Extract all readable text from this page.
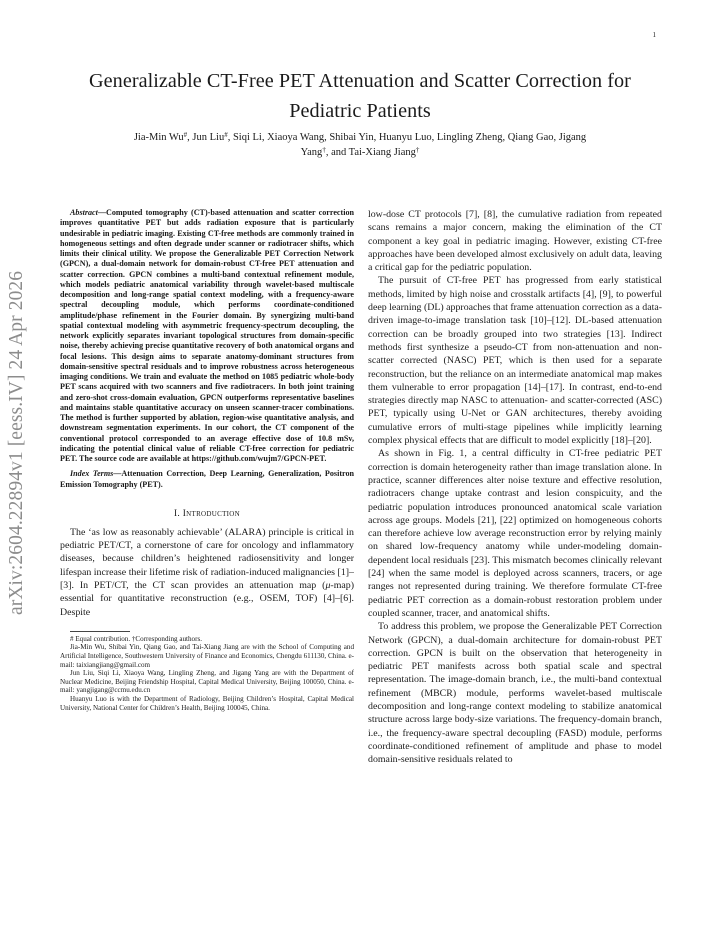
1
arXiv:2604.22894v1 [eess.IV] 24 Apr 2026
Generalizable CT-Free PET Attenuation and Scatter Correction for Pediatric Patients
Jia-Min Wu#, Jun Liu#, Siqi Li, Xiaoya Wang, Shibai Yin, Huanyu Luo, Lingling Zheng, Qiang Gao, Jigang
Yang†, and Tai-Xiang Jiang†

Abstract—Computed tomography (CT)-based attenuation and scatter correction improves quantitative PET but adds radiation exposure that is particularly undesirable in pediatric imaging. Existing CT-free methods are commonly trained in homogeneous settings and often degrade under scanner or radiotracer shifts, which limits their clinical utility. We propose the Generalizable PET Correction Network (GPCN), a dual-domain network for domain-robust CT-free PET attenuation and scatter correction. GPCN combines a multi-band contextual refinement module, which models pediatric anatomical variability through wavelet-based multiscale decomposition and long-range spatial context modeling, with a frequency-aware spectral decoupling module, which performs coordinate-conditioned amplitude/phase refinement in the Fourier domain. By synergizing multi-band spatial contextual modeling with asymmetric frequency-spectrum decoupling, the network explicitly separates invariant topological structures from domain-specific noise, thereby achieving precise quantitative recovery of both anatomical organs and focal lesions. This design aims to separate anatomy-dominant structures from domain-sensitive spectral residuals and to improve robustness across heterogeneous imaging conditions. We train and evaluate the method on 1085 pediatric whole-body PET scans acquired with two scanners and five radiotracers. In both joint training and zero-shot cross-domain evaluation, GPCN outperforms representative baselines and maintains stable quantitative accuracy on unseen scanner-tracer combinations. The method is further supported by ablation, region-wise quantitative analysis, and downstream segmentation experiments. In our cohort, the CT component of the conventional protocol corresponded to an average effective dose of 10.8 mSv, indicating the potential clinical value of reliable CT-free correction for pediatric PET. The source code are available at https://github.com/wujm7/GPCN-PET.

Index Terms—Attenuation Correction, Deep Learning, Generalization, Positron Emission Tomography (PET).

I. Introduction

The ‘as low as reasonably achievable’ (ALARA) principle is critical in pediatric PET/CT, a cornerstone of care for oncology and inflammatory diseases, because children’s heightened radiosensitivity and longer lifespan increase their lifetime risk of radiation-induced malignancies [1]–[3]. In PET/CT, the CT scan provides an attenuation map (μ-map) essential for quantitative reconstruction (e.g., OSEM, TOF) [4]–[6]. Despite

# Equal contribution. †Corresponding authors.

Jia-Min Wu, Shibai Yin, Qiang Gao, and Tai-Xiang Jiang are with the School of Computing and Artificial Intelligence, Southwestern University of Finance and Economics, Chengdu 611130, China. e-mail: taixiangjiang@gmail.com

Jun Liu, Siqi Li, Xiaoya Wang, Lingling Zheng, and Jigang Yang are with the Department of Nuclear Medicine, Beijing Friendship Hospital, Capital Medical University, Beijing 100050, China. e-mail: yangjigang@ccmu.edu.cn

Huanyu Luo is with the Department of Radiology, Beijing Children’s Hospital, Capital Medical University, National Center for Children’s Health, Beijing 100045, China.

low-dose CT protocols [7], [8], the cumulative radiation from repeated scans remains a major concern, making the elimination of the CT component a key goal in pediatric imaging. However, existing CT-free approaches have been developed almost exclusively on adult data, leaving a critical gap for the pediatric population.

The pursuit of CT-free PET has progressed from early statistical methods, limited by high noise and crosstalk artifacts [4], [9], to powerful deep learning (DL) approaches that frame attenuation correction as a data-driven image-to-image translation task [10]–[12]. DL-based attenuation correction can be broadly grouped into two strategies [13]. Indirect methods first synthesize a pseudo-CT from non-attenuation and non-scatter corrected (NASC) PET, which is then used for a separate reconstruction, but the reliance on an intermediate anatomical map makes them vulnerable to error propagation [14]–[17]. In contrast, end-to-end strategies directly map NASC to attenuation- and scatter-corrected (ASC) PET, typically using U-Net or GAN architectures, thereby avoiding cumulative errors of multi-stage pipelines while implicitly learning complex physical effects that are difficult to model explicitly [18]–[20].

As shown in Fig. 1, a central difficulty in CT-free pediatric PET correction is domain heterogeneity rather than image translation alone. In practice, scanner differences alter noise texture and effective resolution, radiotracers change uptake contrast and lesion conspicuity, and the pediatric population introduces pronounced anatomical scale variation across age groups. Models [21], [22] optimized on homogeneous cohorts can therefore achieve low average reconstruction error by relying mainly on shared low-frequency anatomy while under-modeling domain-dependent local residuals [23]. This mismatch becomes clinically relevant [24] when the same model is deployed across scanners, tracers, or age ranges not represented during training. We therefore formulate CT-free pediatric PET correction as a domain-robust restoration problem under coupled scanner, tracer, and anatomical shifts.

To address this problem, we propose the Generalizable PET Correction Network (GPCN), a dual-domain architecture for domain-robust PET correction. GPCN is built on the observation that heterogeneity in pediatric PET manifests across both spatial scale and spectral representation. The image-domain branch, i.e., the multi-band contextual refinement (MBCR) module, performs wavelet-based multiscale decomposition and long-range context modeling to stabilize anatomical structure across large body-size variations. The frequency-domain branch, i.e., the frequency-aware spectral decoupling (FASD) module, performs coordinate-conditioned refinement of amplitude and phase to model domain-sensitive residuals related to
